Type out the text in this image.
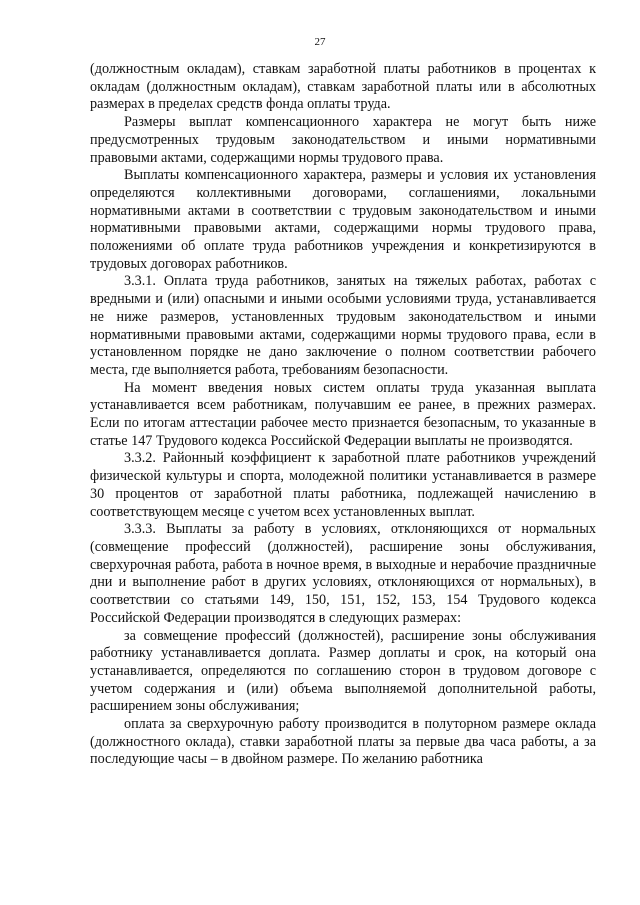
27

(должностным окладам), ставкам заработной платы работников в процентах к окладам (должностным окладам), ставкам заработной платы или в абсолютных размерах в пределах средств фонда оплаты труда.

Размеры выплат компенсационного характера не могут быть ниже предусмотренных трудовым законодательством и иными нормативными правовыми актами, содержащими нормы трудового права.

Выплаты компенсационного характера, размеры и условия их установления определяются коллективными договорами, соглашениями, локальными нормативными актами в соответствии с трудовым законодательством и иными нормативными правовыми актами, содержащими нормы трудового права, положениями об оплате труда работников учреждения и конкретизируются в трудовых договорах работников.

3.3.1. Оплата труда работников, занятых на тяжелых работах, работах с вредными и (или) опасными и иными особыми условиями труда, устанавливается не ниже размеров, установленных трудовым законодательством и иными нормативными правовыми актами, содержащими нормы трудового права, если в установленном порядке не дано заключение о полном соответствии рабочего места, где выполняется работа, требованиям безопасности.

На момент введения новых систем оплаты труда указанная выплата устанавливается всем работникам, получавшим ее ранее, в прежних размерах. Если по итогам аттестации рабочее место признается безопасным, то указанные в статье 147 Трудового кодекса Российской Федерации выплаты не производятся.

3.3.2. Районный коэффициент к заработной плате работников учреждений физической культуры и спорта, молодежной политики устанавливается в размере 30 процентов от заработной платы работника, подлежащей начислению в соответствующем месяце с учетом всех установленных выплат.

3.3.3. Выплаты за работу в условиях, отклоняющихся от нормальных (совмещение профессий (должностей), расширение зоны обслуживания, сверхурочная работа, работа в ночное время, в выходные и нерабочие праздничные дни и выполнение работ в других условиях, отклоняющихся от нормальных), в соответствии со статьями 149, 150, 151, 152, 153, 154 Трудового кодекса Российской Федерации производятся в следующих размерах:

за совмещение профессий (должностей), расширение зоны обслуживания работнику устанавливается доплата. Размер доплаты и срок, на который она устанавливается, определяются по соглашению сторон в трудовом договоре с учетом содержания и (или) объема выполняемой дополнительной работы, расширением зоны обслуживания;

оплата за сверхурочную работу производится в полуторном размере оклада (должностного оклада), ставки заработной платы за первые два часа работы, а за последующие часы – в двойном размере. По желанию работника
